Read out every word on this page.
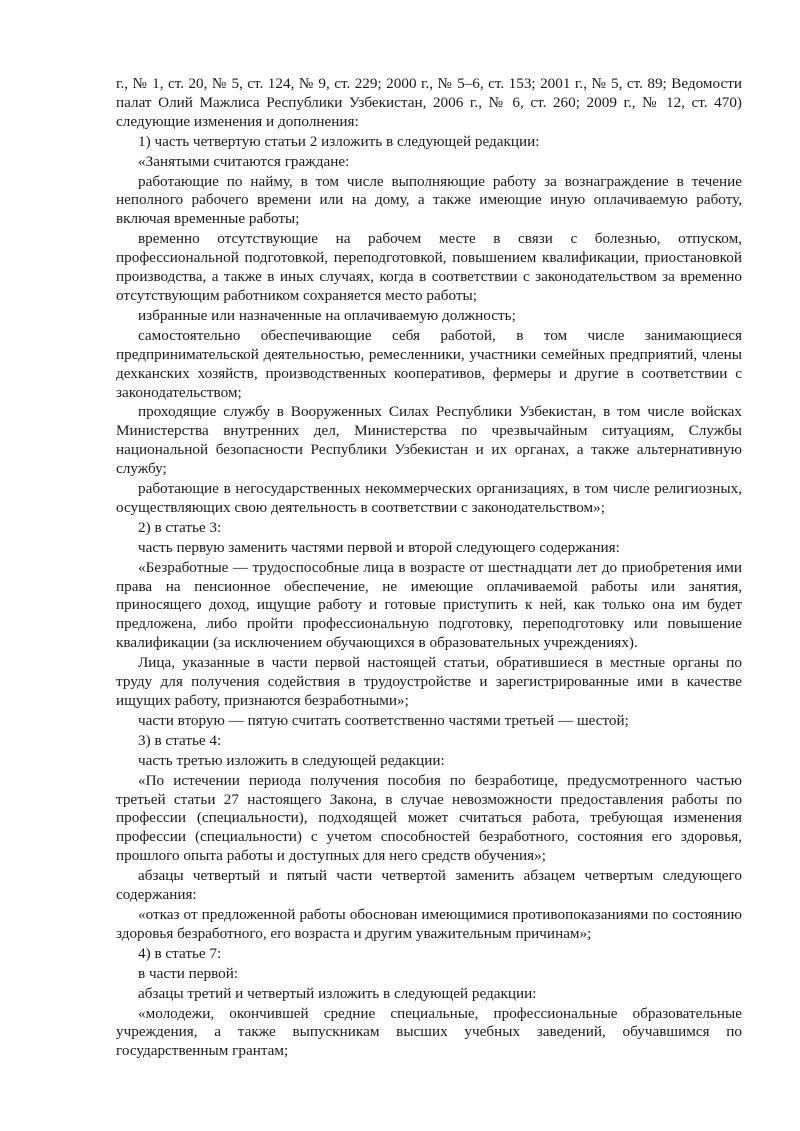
г., № 1, ст. 20, № 5, ст. 124, № 9, ст. 229; 2000 г., № 5–6, ст. 153; 2001 г., № 5, ст. 89; Ведомости палат Олий Мажлиса Республики Узбекистан, 2006 г., № 6, ст. 260; 2009 г., № 12, ст. 470) следующие изменения и дополнения:

1) часть четвертую статьи 2 изложить в следующей редакции:

«Занятыми считаются граждане:

работающие по найму, в том числе выполняющие работу за вознаграждение в течение неполного рабочего времени или на дому, а также имеющие иную оплачиваемую работу, включая временные работы;

временно отсутствующие на рабочем месте в связи с болезнью, отпуском, профессиональной подготовкой, переподготовкой, повышением квалификации, приостановкой производства, а также в иных случаях, когда в соответствии с законодательством за временно отсутствующим работником сохраняется место работы;

избранные или назначенные на оплачиваемую должность;

самостоятельно обеспечивающие себя работой, в том числе занимающиеся предпринимательской деятельностью, ремесленники, участники семейных предприятий, члены дехканских хозяйств, производственных кооперативов, фермеры и другие в соответствии с законодательством;

проходящие службу в Вооруженных Силах Республики Узбекистан, в том числе войсках Министерства внутренних дел, Министерства по чрезвычайным ситуациям, Службы национальной безопасности Республики Узбекистан и их органах, а также альтернативную службу;

работающие в негосударственных некоммерческих организациях, в том числе религиозных, осуществляющих свою деятельность в соответствии с законодательством»;

2) в статье 3:

часть первую заменить частями первой и второй следующего содержания:

«Безработные — трудоспособные лица в возрасте от шестнадцати лет до приобретения ими права на пенсионное обеспечение, не имеющие оплачиваемой работы или занятия, приносящего доход, ищущие работу и готовые приступить к ней, как только она им будет предложена, либо пройти профессиональную подготовку, переподготовку или повышение квалификации (за исключением обучающихся в образовательных учреждениях).

Лица, указанные в части первой настоящей статьи, обратившиеся в местные органы по труду для получения содействия в трудоустройстве и зарегистрированные ими в качестве ищущих работу, признаются безработными»;

части вторую — пятую считать соответственно частями третьей — шестой;

3) в статье 4:

часть третью изложить в следующей редакции:

«По истечении периода получения пособия по безработице, предусмотренного частью третьей статьи 27 настоящего Закона, в случае невозможности предоставления работы по профессии (специальности), подходящей может считаться работа, требующая изменения профессии (специальности) с учетом способностей безработного, состояния его здоровья, прошлого опыта работы и доступных для него средств обучения»;

абзацы четвертый и пятый части четвертой заменить абзацем четвертым следующего содержания:

«отказ от предложенной работы обоснован имеющимися противопоказаниями по состоянию здоровья безработного, его возраста и другим уважительным причинам»;

4) в статье 7:

в части первой:

абзацы третий и четвертый изложить в следующей редакции:

«молодежи, окончившей средние специальные, профессиональные образовательные учреждения, а также выпускникам высших учебных заведений, обучавшимся по государственным грантам;
